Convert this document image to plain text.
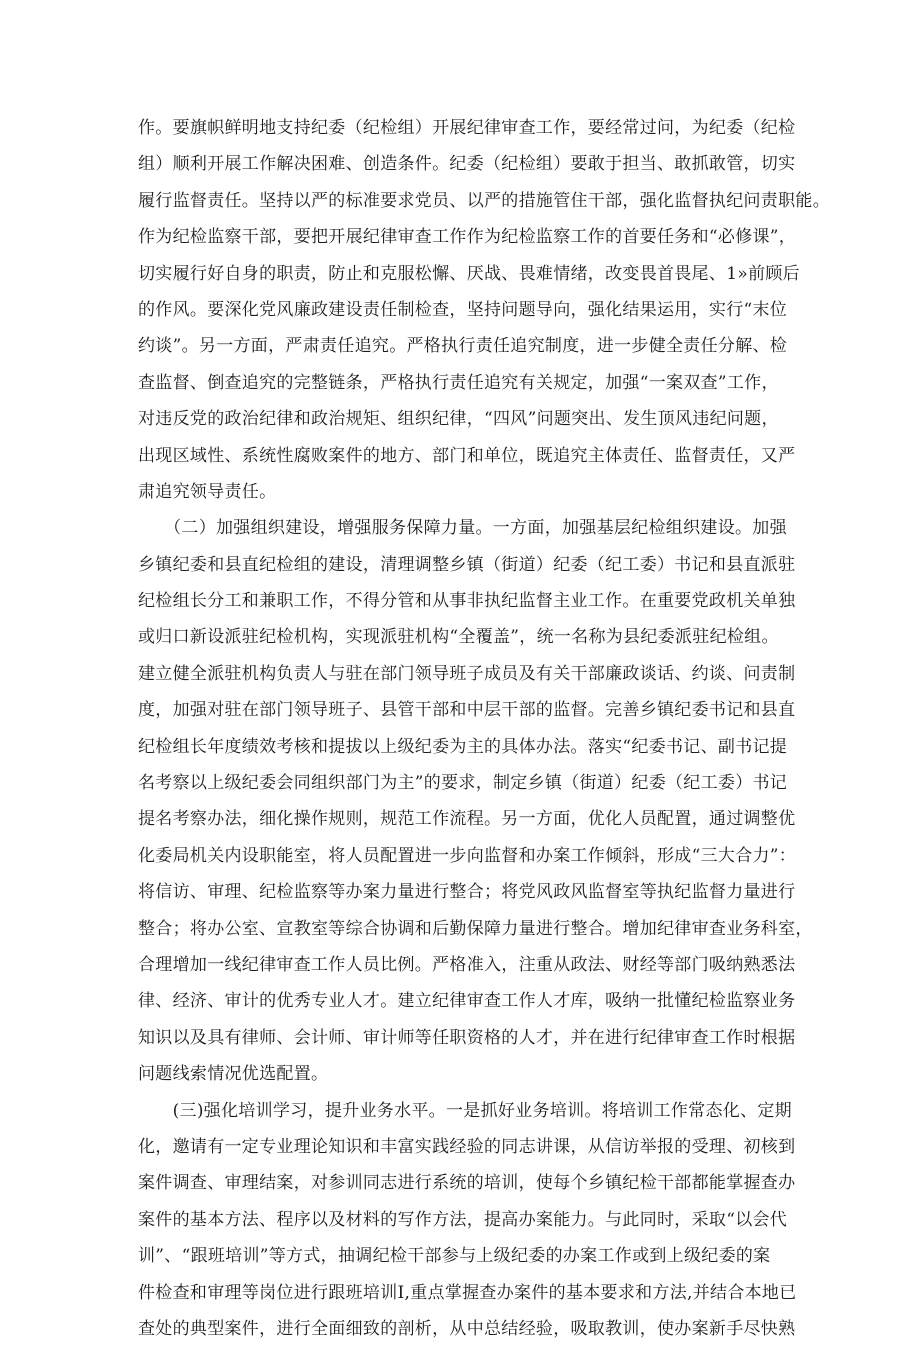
作。要旗帜鲜明地支持纪委（纪检组）开展纪律审查工作，要经常过问，为纪委（纪检
组）顺利开展工作解决困难、创造条件。纪委（纪检组）要敢于担当、敢抓敢管，切实
履行监督责任。坚持以严的标准要求党员、以严的措施管住干部，强化监督执纪问责职能。
作为纪检监察干部，要把开展纪律审查工作作为纪检监察工作的首要任务和“必修课”，
切实履行好自身的职责，防止和克服松懈、厌战、畏难情绪，改变畏首畏尾、1»前顾后
的作风。要深化党风廉政建设责任制检查，坚持问题导向，强化结果运用，实行“末位
约谈”。另一方面，严肃责任追究。严格执行责任追究制度，进一步健全责任分解、检
查监督、倒查追究的完整链条，严格执行责任追究有关规定，加强“一案双查”工作，
对违反党的政治纪律和政治规矩、组织纪律，“四风”问题突出、发生顶风违纪问题，
出现区域性、系统性腐败案件的地方、部门和单位，既追究主体责任、监督责任，又严
肃追究领导责任。
　　（二）加强组织建设，增强服务保障力量。一方面，加强基层纪检组织建设。加强
乡镇纪委和县直纪检组的建设，清理调整乡镇（街道）纪委（纪工委）书记和县直派驻
纪检组长分工和兼职工作，不得分管和从事非执纪监督主业工作。在重要党政机关单独
或归口新设派驻纪检机构，实现派驻机构“全覆盖”，统一名称为县纪委派驻纪检组。
建立健全派驻机构负责人与驻在部门领导班子成员及有关干部廉政谈话、约谈、问责制
度，加强对驻在部门领导班子、县管干部和中层干部的监督。完善乡镇纪委书记和县直
纪检组长年度绩效考核和提拔以上级纪委为主的具体办法。落实“纪委书记、副书记提
名考察以上级纪委会同组织部门为主”的要求，制定乡镇（街道）纪委（纪工委）书记
提名考察办法，细化操作规则，规范工作流程。另一方面，优化人员配置，通过调整优
化委局机关内设职能室，将人员配置进一步向监督和办案工作倾斜，形成“三大合力”：
将信访、审理、纪检监察等办案力量进行整合；将党风政风监督室等执纪监督力量进行
整合；将办公室、宣教室等综合协调和后勤保障力量进行整合。增加纪律审查业务科室，
合理增加一线纪律审查工作人员比例。严格准入，注重从政法、财经等部门吸纳熟悉法
律、经济、审计的优秀专业人才。建立纪律审查工作人才库，吸纳一批懂纪检监察业务
知识以及具有律师、会计师、审计师等任职资格的人才，并在进行纪律审查工作时根据
问题线索情况优选配置。
　　(三)强化培训学习，提升业务水平。一是抓好业务培训。将培训工作常态化、定期
化，邀请有一定专业理论知识和丰富实践经验的同志讲课，从信访举报的受理、初核到
案件调查、审理结案，对参训同志进行系统的培训，使每个乡镇纪检干部都能掌握查办
案件的基本方法、程序以及材料的写作方法，提高办案能力。与此同时，采取“以会代
训”、“跟班培训”等方式，抽调纪检干部参与上级纪委的办案工作或到上级纪委的案
件检查和审理等岗位进行跟班培训I,重点掌握查办案件的基本要求和方法,并结合本地已
查处的典型案件，进行全面细致的剖析，从中总结经验，吸取教训，使办案新手尽快熟
